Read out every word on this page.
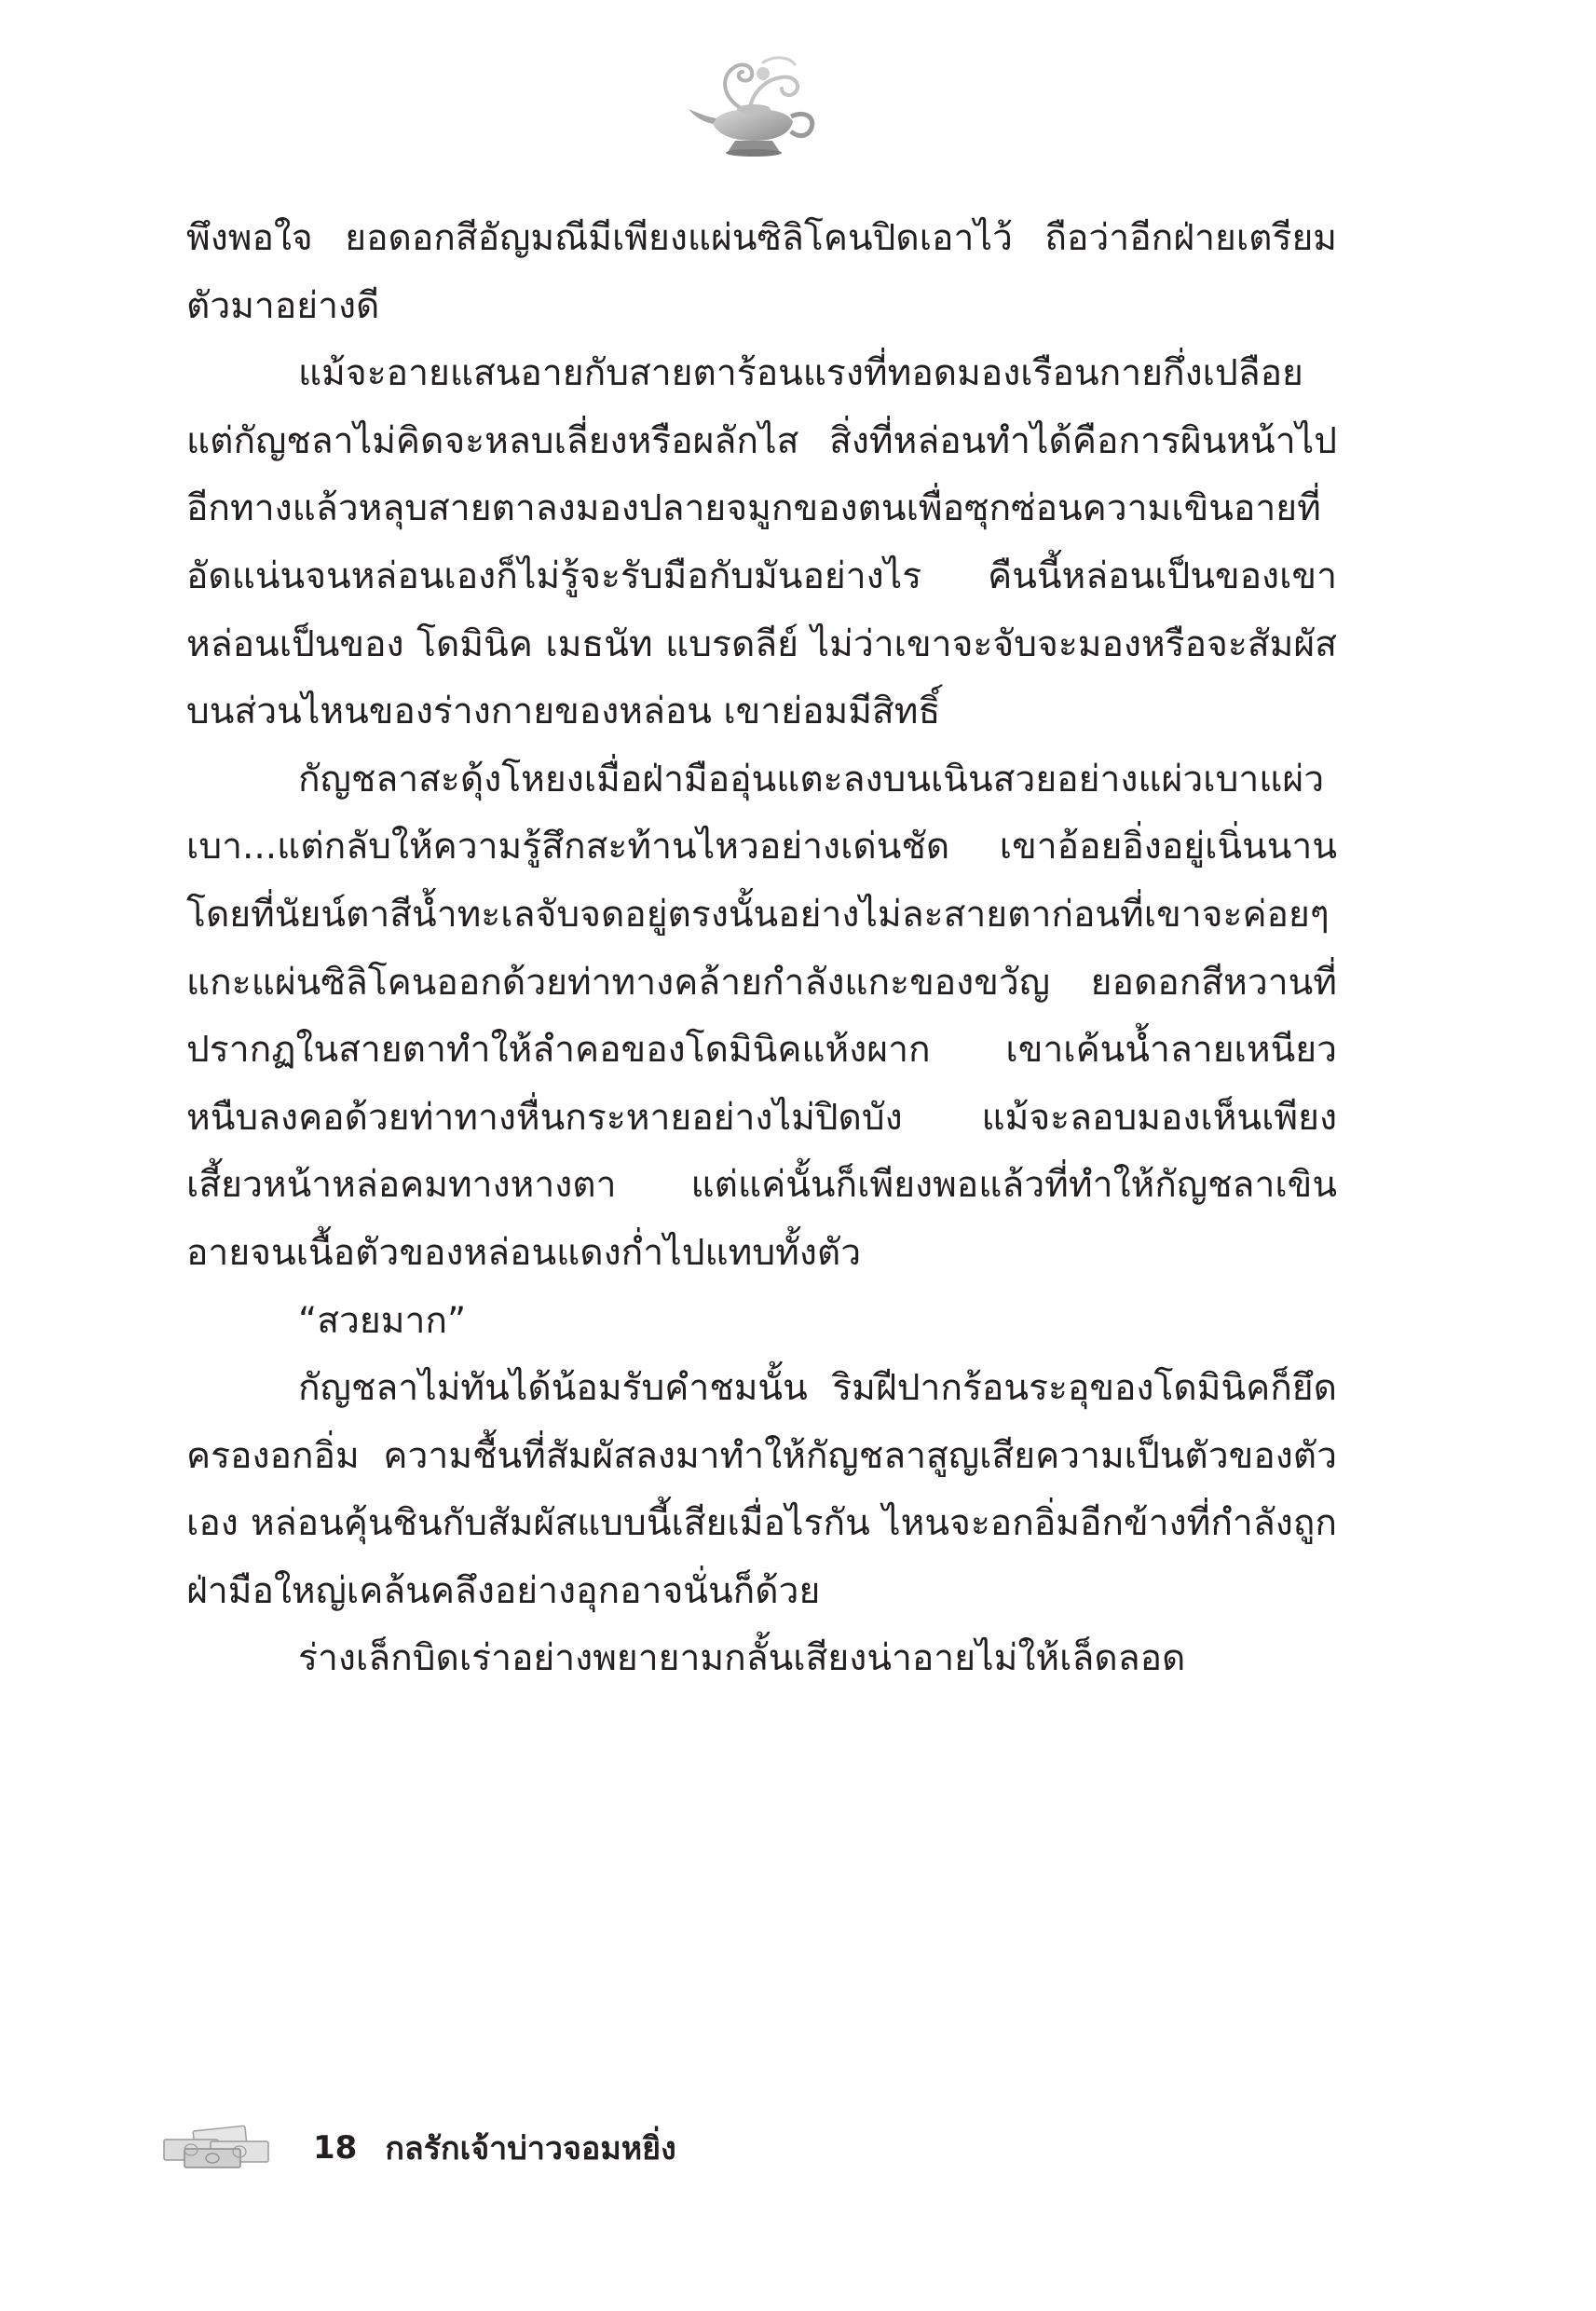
พึงพอใจ ยอดอกสีอัญมณีมีเพียงแผ่นซิลิโคนปิดเอาไว้ ถือว่าอีกฝ่ายเตรียมตัวมาอย่างดี

แม้จะอายแสนอายกับสายตาร้อนแรงที่ทอดมองเรือนกายกึ่งเปลือย แต่กัญชลาไม่คิดจะหลบเลี่ยงหรือผลักไส สิ่งที่หล่อนทำได้คือการผินหน้าไปอีกทางแล้วหลุบสายตาลงมองปลายจมูกของตนเพื่อซุกซ่อนความเขินอายที่อัดแน่นจนหล่อนเองก็ไม่รู้จะรับมือกับมันอย่างไร คืนนี้หล่อนเป็นของเขา หล่อนเป็นของ โดมินิค เมธนัท แบรดลีย์ ไม่ว่าเขาจะจับจะมองหรือจะสัมผัสบนส่วนไหนของร่างกายของหล่อน เขาย่อมมีสิทธิ์

กัญชลาสะดุ้งโหยงเมื่อฝ่ามืออุ่นแตะลงบนเนินสวยอย่างแผ่วเบาแผ่วเบา...แต่กลับให้ความรู้สึกสะท้านไหวอย่างเด่นชัด เขาอ้อยอิ่งอยู่เนิ่นนานโดยที่นัยน์ตาสีน้ำทะเลจับจดอยู่ตรงนั้นอย่างไม่ละสายตาก่อนที่เขาจะค่อยๆ แกะแผ่นซิลิโคนออกด้วยท่าทางคล้ายกำลังแกะของขวัญ ยอดอกสีหวานที่ปรากฏในสายตาทำให้ลำคอของโดมินิคแห้งผาก เขาเค้นน้ำลายเหนียวหนืบลงคอด้วยท่าทางหื่นกระหายอย่างไม่ปิดบัง แม้จะลอบมองเห็นเพียงเสี้ยวหน้าหล่อคมทางหางตา แต่แค่นั้นก็เพียงพอแล้วที่ทำให้กัญชลาเขินอายจนเนื้อตัวของหล่อนแดงก่ำไปแทบทั้งตัว

“สวยมาก”

กัญชลาไม่ทันได้น้อมรับคำชมนั้น ริมฝีปากร้อนระอุของโดมินิคก็ยึดครองอกอิ่ม ความชื้นที่สัมผัสลงมาทำให้กัญชลาสูญเสียความเป็นตัวของตัวเอง หล่อนคุ้นชินกับสัมผัสแบบนี้เสียเมื่อไรกัน ไหนจะอกอิ่มอีกข้างที่กำลังถูกฝ่ามือใหญ่เคล้นคลึงอย่างอุกอาจนั่นก็ด้วย

ร่างเล็กบิดเร่าอย่างพยายามกลั้นเสียงน่าอายไม่ให้เล็ดลอด

18 กลรักเจ้าบ่าวจอมหยิ่ง
